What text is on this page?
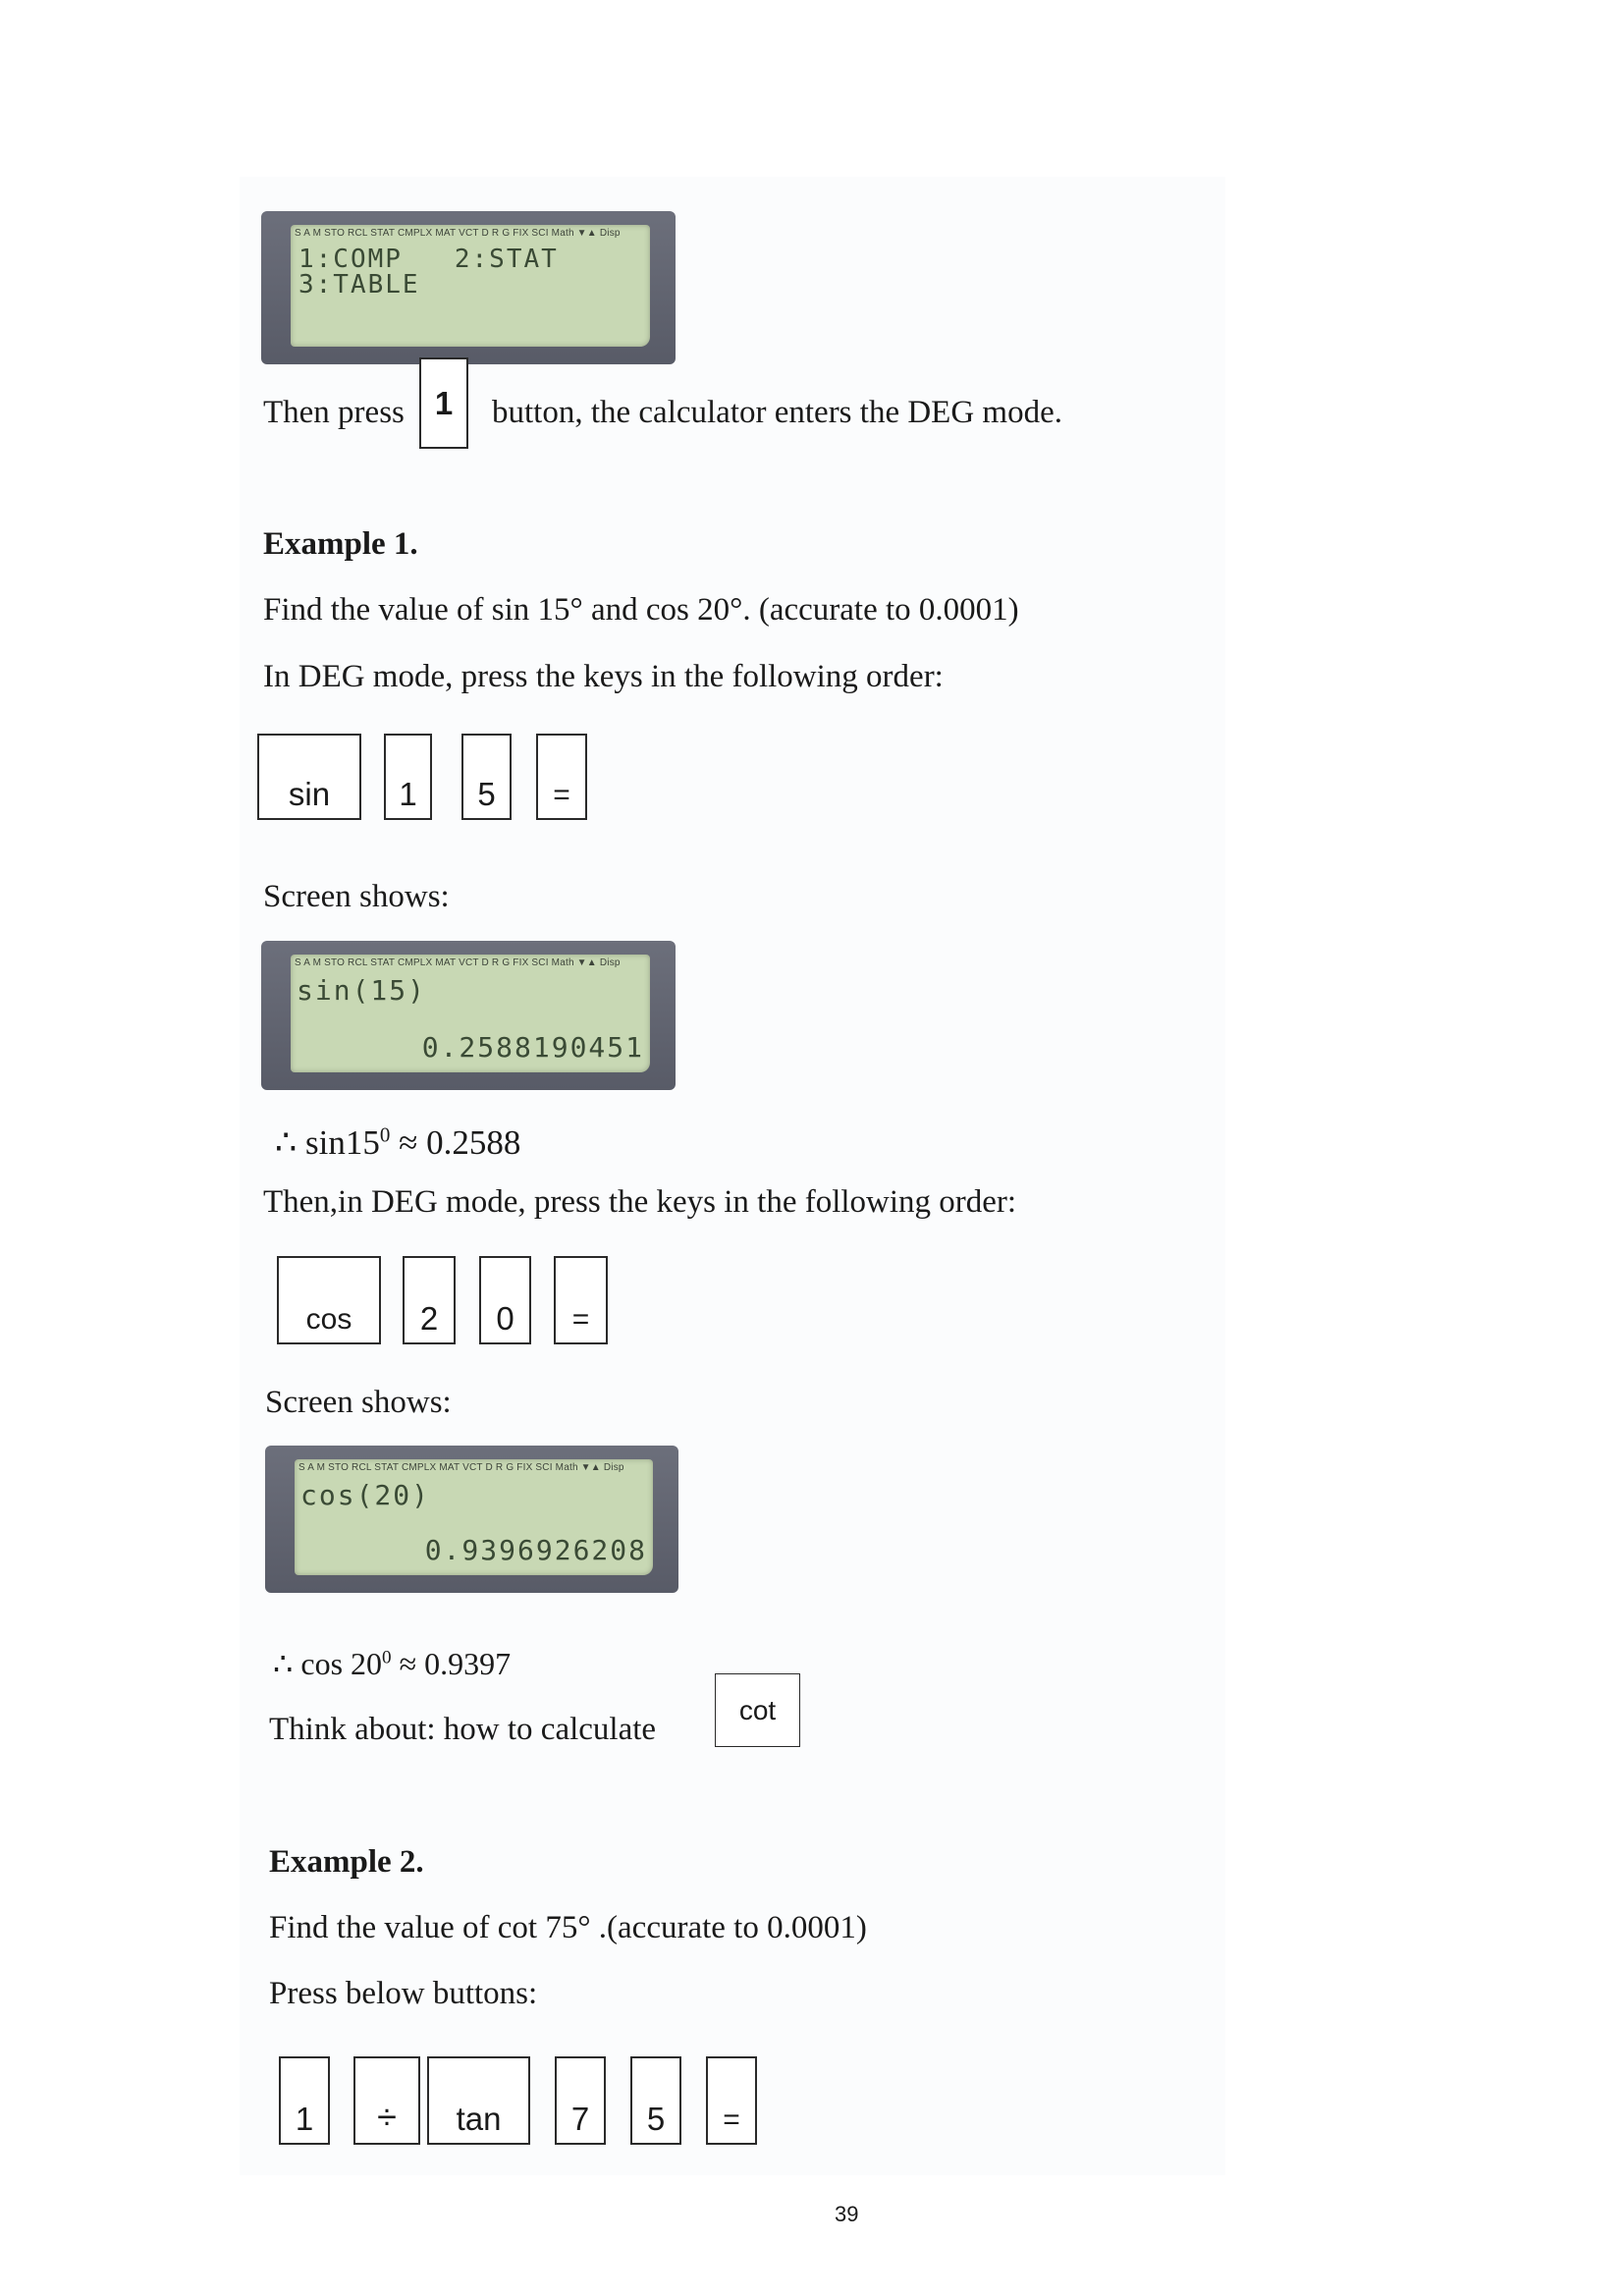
S A M STO RCL STAT CMPLX MAT VCT D R G FIX SCI Math ▼▲ Disp
1:COMP   2:STAT
3:TABLE
Then press 1	button, the calculator enters the DEG mode.
Example 1.
Find the value of sin 15° and cos 20°. (accurate to 0.0001)
In DEG mode, press the keys in the following order:
sin	1	5	=
Screen shows:
S A M STO RCL STAT CMPLX MAT VCT D R G FIX SCI Math ▼▲ Disp
sin(15)
0.2588190451
∴ $\sin 15^0 \approx 0.2588$
Then,in DEG mode, press the keys in the following order:
cos	2	0	=
Screen shows:
S A M STO RCL STAT CMPLX MAT VCT D R G FIX SCI Math ▼▲ Disp
cos(20)
0.9396926208
∴ $\cos 20^0 \approx 0.9397$
Think about: how to calculate
cot
Example 2.
Find the value of cot 75° .(accurate to 0.0001)
Press below buttons:
1	÷	tan	7	5	=
39
